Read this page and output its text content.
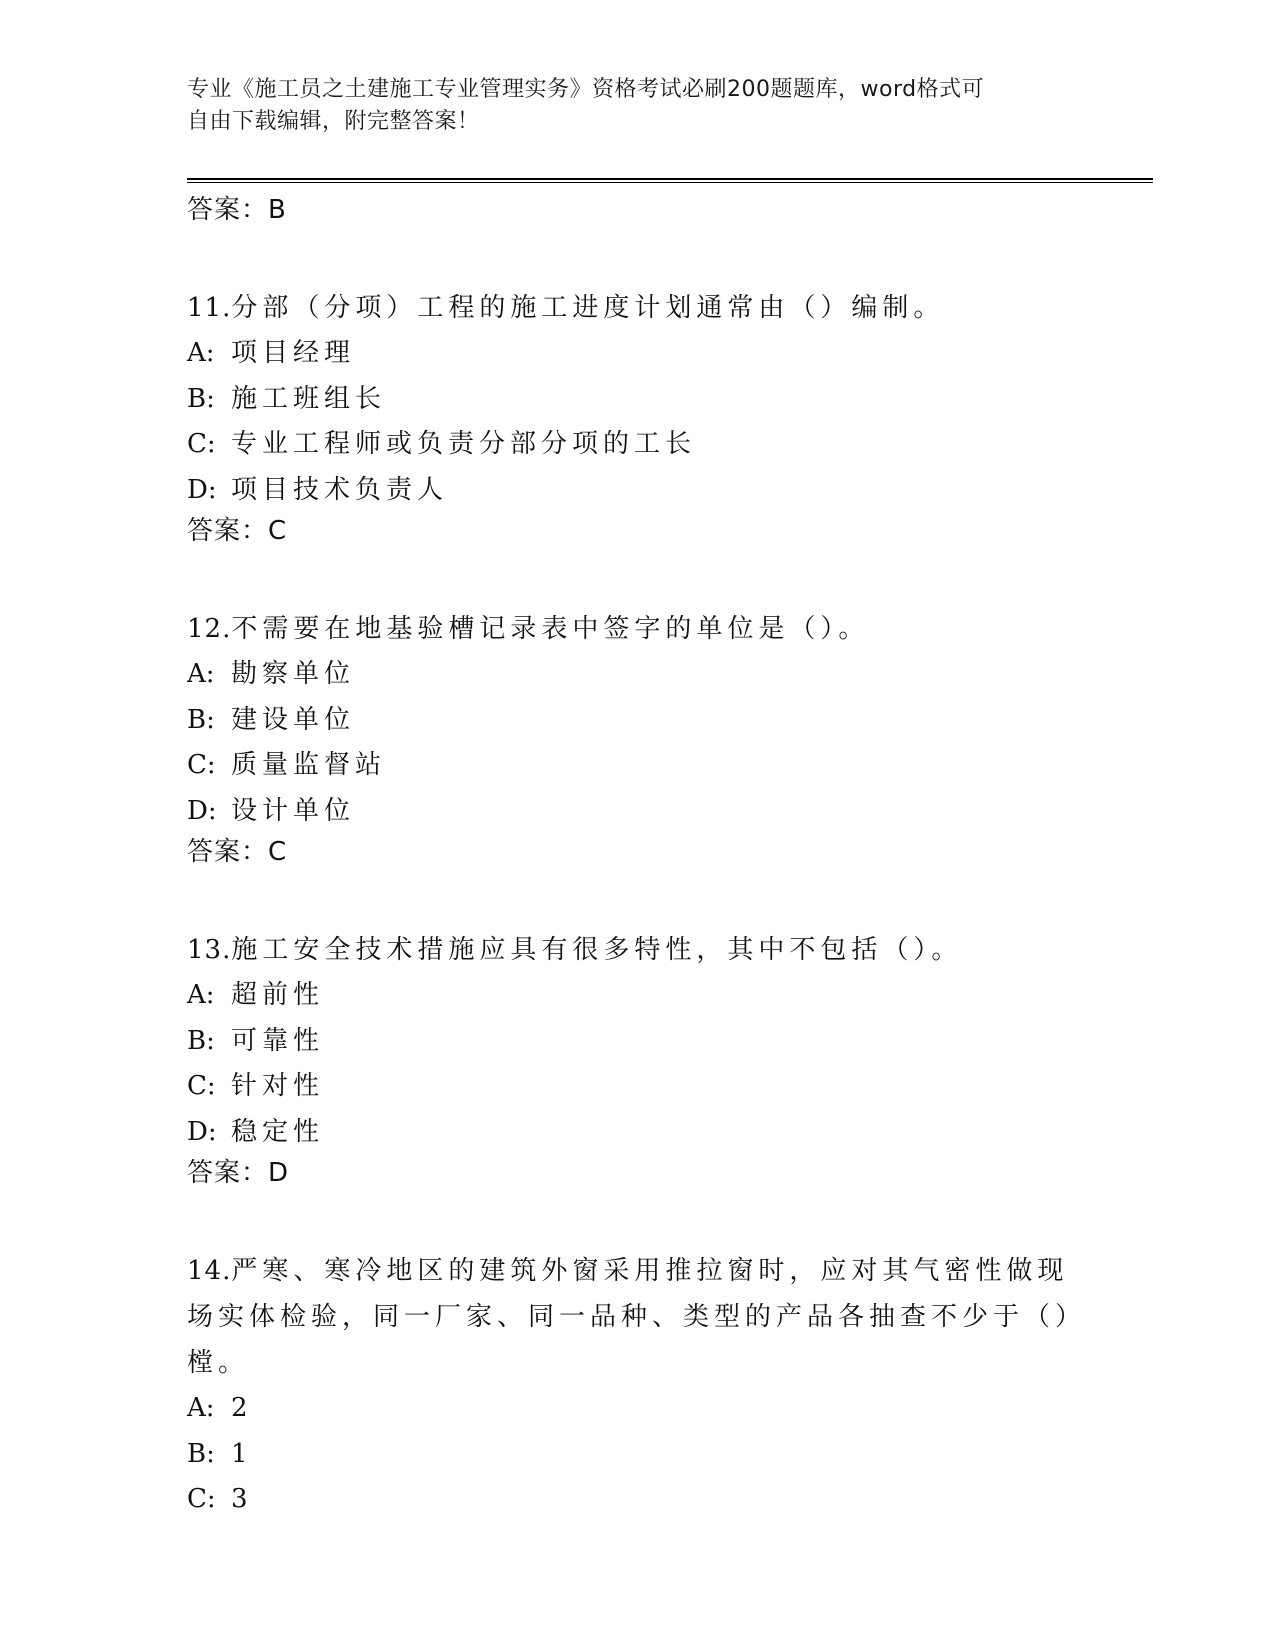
专业《施工员之土建施工专业管理实务》资格考试必刷200题题库，word格式可
自由下载编辑，附完整答案！

答案：B

11.分部（分项）工程的施工进度计划通常由（）编制。

A: 项目经理

B: 施工班组长

C: 专业工程师或负责分部分项的工长

D: 项目技术负责人

答案：C

12.不需要在地基验槽记录表中签字的单位是（）。

A: 勘察单位

B: 建设单位

C: 质量监督站

D: 设计单位

答案：C

13.施工安全技术措施应具有很多特性，其中不包括（）。

A: 超前性

B: 可靠性

C: 针对性

D: 稳定性

答案：D

14.严寒、寒冷地区的建筑外窗采用推拉窗时，应对其气密性做现场实体检验，同一厂家、同一品种、类型的产品各抽查不少于（）樘。

A: 2

B: 1

C: 3
